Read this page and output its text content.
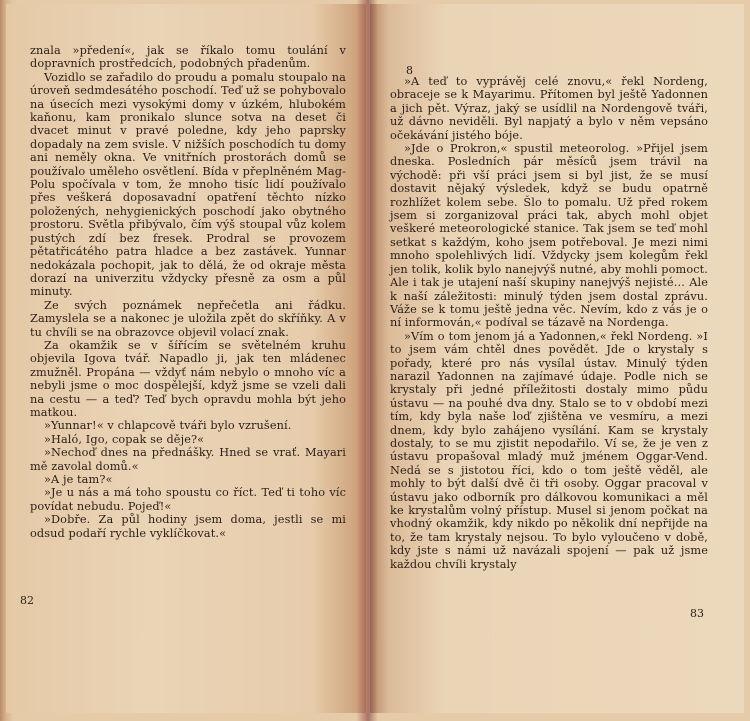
znala »předení«, jak se říkalo tomu toulání v dopravních prostředcích, podobných přadenům.

Vozidlo se zařadilo do proudu a pomalu stoupalo na úroveň sedmdesátého poschodí. Teď už se pohybovalo na úsecích mezi vysokými domy v úzkém, hlubokém kaňonu, kam pronikalo slunce sotva na deset či dvacet minut v pravé poledne, kdy jeho paprsky dopadaly na zem svisle. V nižších poschodích tu domy ani neměly okna. Ve vnitřních prostorách domů se používalo uměleho osvětlení. Bída v přeplněném Mag-Polu spočívala v tom, že mnoho tisíc lidí používalo přes veškerá doposavadní opatření těchto nízko položených, nehygienických poschodí jako obytného prostoru. Světla přibývalo, čím výš stoupal vůz kolem pustých zdí bez fresek. Prodral se provozem pětatřicátého patra hladce a bez zastávek. Yunnar nedokázala pochopit, jak to dělá, že od okraje města dorazí na univerzitu vždycky přesně za osm a půl minuty.

Ze svých poznámek nepřečetla ani řádku. Zamyslela se a nakonec je uložila zpět do skříňky. A v tu chvíli se na obrazovce objevil volací znak.

Za okamžik se v šířícím se světelném kruhu objevila Igova tvář. Napadlo ji, jak ten mládenec zmužněl. Propána — vždyť nám nebylo o mnoho víc a nebyli jsme o moc dospělejší, když jsme se vzeli dali na cestu — a teď? Teď bych opravdu mohla být jeho matkou.

»Yunnar!« v chlapcově tváři bylo vzrušení.

»Haló, Igo, copak se děje?«

»Nechoď dnes na přednášky. Hned se vrať. Mayari mě zavolal domů.«

»A je tam?«

»Je u nás a má toho spoustu co říct. Teď ti toho víc povídat nebudu. Pojeď!«

»Dobře. Za půl hodiny jsem doma, jestli se mi odsud podaří rychle vyklíčkovat.«

82
8

»A teď to vyprávěj celé znovu,« řekl Nordeng, obraceje se k Mayarimu. Přítomen byl ještě Yadonnen a jich pět. Výraz, jaký se usídlil na Nordengově tváři, už dávno neviděli. Byl napjatý a bylo v něm vepsáno očekávání jistého bóje.

»Jde o Prokron,« spustil meteorolog. »Přijel jsem dneska. Posledních pár měsíců jsem trávil na východě: při vší práci jsem si byl jist, že se musí dostavit nějaký výsledek, když se budu opatrně rozhlížet kolem sebe. Šlo to pomalu. Už před rokem jsem si zorganizoval práci tak, abych mohl objet veškeré meteorologické stanice. Tak jsem se teď mohl setkat s každým, koho jsem potřeboval. Je mezi nimi mnoho spolehlivých lidí. Vždycky jsem kolegům řekl jen tolik, kolik bylo nanejvýš nutné, aby mohli pomoct. Ale i tak je utajení naší skupiny nanejvýš nejisté… Ale k naší záležitosti: minulý týden jsem dostal zprávu. Váže se k tomu ještě jedna věc. Nevím, kdo z vás je o ní informován,« podíval se tázavě na Nordenga.

»Vím o tom jenom já a Yadonnen,« řekl Nordeng. »I to jsem vám chtěl dnes povědět. Jde o krystaly s pořady, které pro nás vysílal ústav. Minulý týden narazil Yadonnen na zajímavé údaje. Podle nich se krystaly při jedné příležitosti dostaly mimo půdu ústavu — na pouhé dva dny. Stalo se to v období mezi tím, kdy byla naše loď zjištěna ve vesmíru, a mezi dnem, kdy bylo zahájeno vysílání. Kam se krystaly dostaly, to se mu zjistit nepodařilo. Ví se, že je ven z ústavu propašoval mladý muž jménem Oggar-Vend. Nedá se s jistotou říci, kdo o tom ještě věděl, ale mohly to být další dvě či tři osoby. Oggar pracoval v ústavu jako odborník pro dálkovou komunikaci a měl ke krystalům volný přístup. Musel si jenom počkat na vhodný okamžik, kdy nikdo po několik dní nepřijde na to, že tam krystaly nejsou. To bylo vyloučeno v době, kdy jste s námi už navázali spojení — pak už jsme každou chvíli krystaly

83
